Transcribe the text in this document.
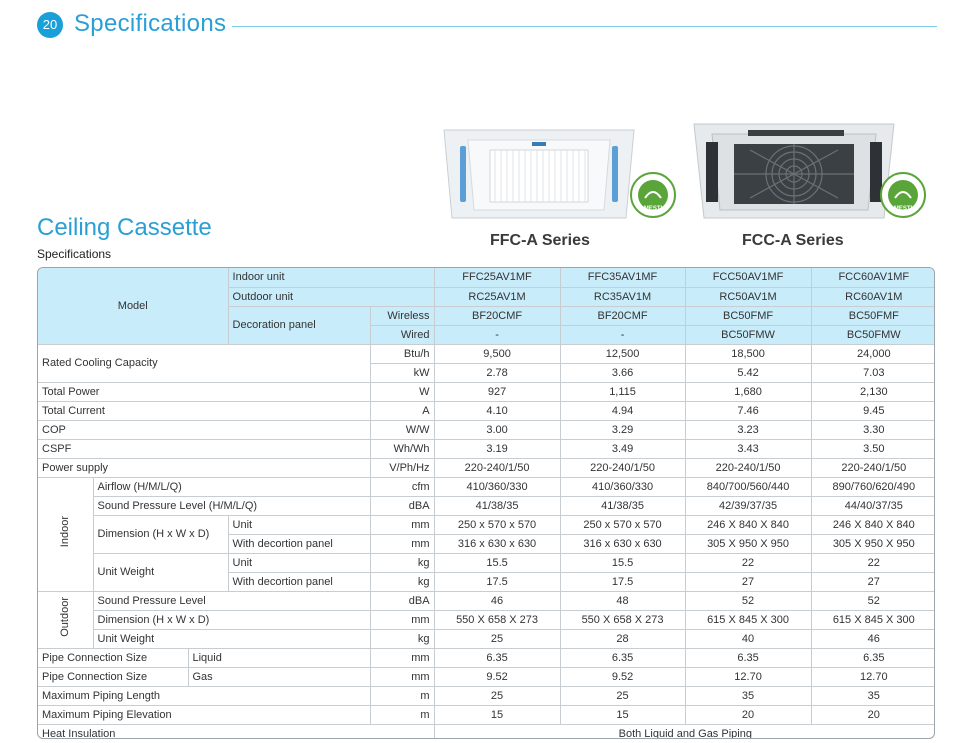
20 Specifications
MESTI	MESTI
FFC-A Series	FCC-A Series
Ceiling Cassette
Specifications
Model			Indoor unit		FFC25AV1MF	FFC35AV1MF	FCC50AV1MF	FCC60AV1MF
			Outdoor unit		RC25AV1M	RC35AV1M	RC50AV1M	RC60AV1M
			Decoration panel	Wireless	BF20CMF	BF20CMF	BC50FMF	BC50FMF
				Wired	-	-	BC50FMW	BC50FMW
Rated Cooling Capacity				Btu/h	9,500	12,500	18,500	24,000
				kW	2.78	3.66	5.42	7.03
Total Power				W	927	1,115	1,680	2,130
Total Current				A	4.10	4.94	7.46	9.45
COP				W/W	3.00	3.29	3.23	3.30
CSPF				Wh/Wh	3.19	3.49	3.43	3.50
Power supply				V/Ph/Hz	220-240/1/50	220-240/1/50	220-240/1/50	220-240/1/50
Indoor	Airflow (H/M/L/Q)			cfm	410/360/330	410/360/330	840/700/560/440	890/760/620/490
	Sound Pressure Level (H/M/L/Q)			dBA	41/38/35	41/38/35	42/39/37/35	44/40/37/35
	Dimension (H x W x D)		Unit	mm	250 x 570 x 570	250 x 570 x 570	246 X 840 X 840	246 X 840 X 840
			With decortion panel	mm	316 x 630 x 630	316 x 630 x 630	305 X 950 X 950	305 X 950 X 950
	Unit Weight		Unit	kg	15.5	15.5	22	22
			With decortion panel	kg	17.5	17.5	27	27
Outdoor	Sound Pressure Level			dBA	46	48	52	52
	Dimension (H x W x D)			mm	550 X 658 X 273	550 X 658 X 273	615 X 845 X 300	615 X 845 X 300
	Unit Weight			kg	25	28	40	46
Pipe Connection Size		Liquid		mm	6.35	6.35	6.35	6.35
Pipe Connection Size		Gas		mm	9.52	9.52	12.70	12.70
Maximum Piping Length				m	25	25	35	35
Maximum Piping Elevation				m	15	15	20	20
Heat Insulation					Both Liquid and Gas Piping			
